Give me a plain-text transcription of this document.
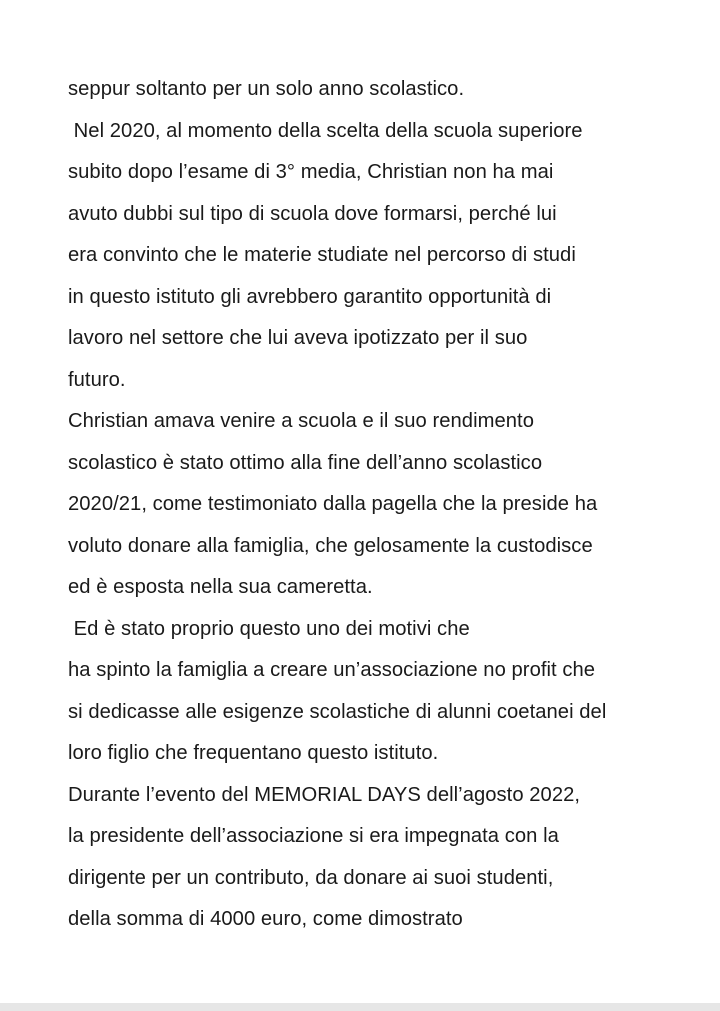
seppur soltanto per un solo anno scolastico.
Nel 2020, al momento della scelta della scuola superiore
subito dopo l’esame di 3° media, Christian non ha mai
avuto dubbi sul tipo di scuola dove formarsi, perché lui
era convinto che le materie studiate nel percorso di studi
in questo istituto gli avrebbero garantito opportunità di
lavoro nel settore che lui aveva ipotizzato per il suo
futuro.
Christian amava venire a scuola e il suo rendimento
scolastico è stato ottimo alla fine dell’anno scolastico
2020/21, come testimoniato dalla pagella che la preside ha
voluto donare alla famiglia, che gelosamente la custodisce
ed è esposta nella sua cameretta.
Ed è stato proprio questo uno dei motivi che
ha spinto la famiglia a creare un’associazione no profit che
si dedicasse alle esigenze scolastiche di alunni coetanei del
loro figlio che frequentano questo istituto.
Durante l’evento del MEMORIAL DAYS dell’agosto 2022,
la presidente dell’associazione si era impegnata con la
dirigente per un contributo, da donare ai suoi studenti,
della somma di 4000 euro, come dimostrato
